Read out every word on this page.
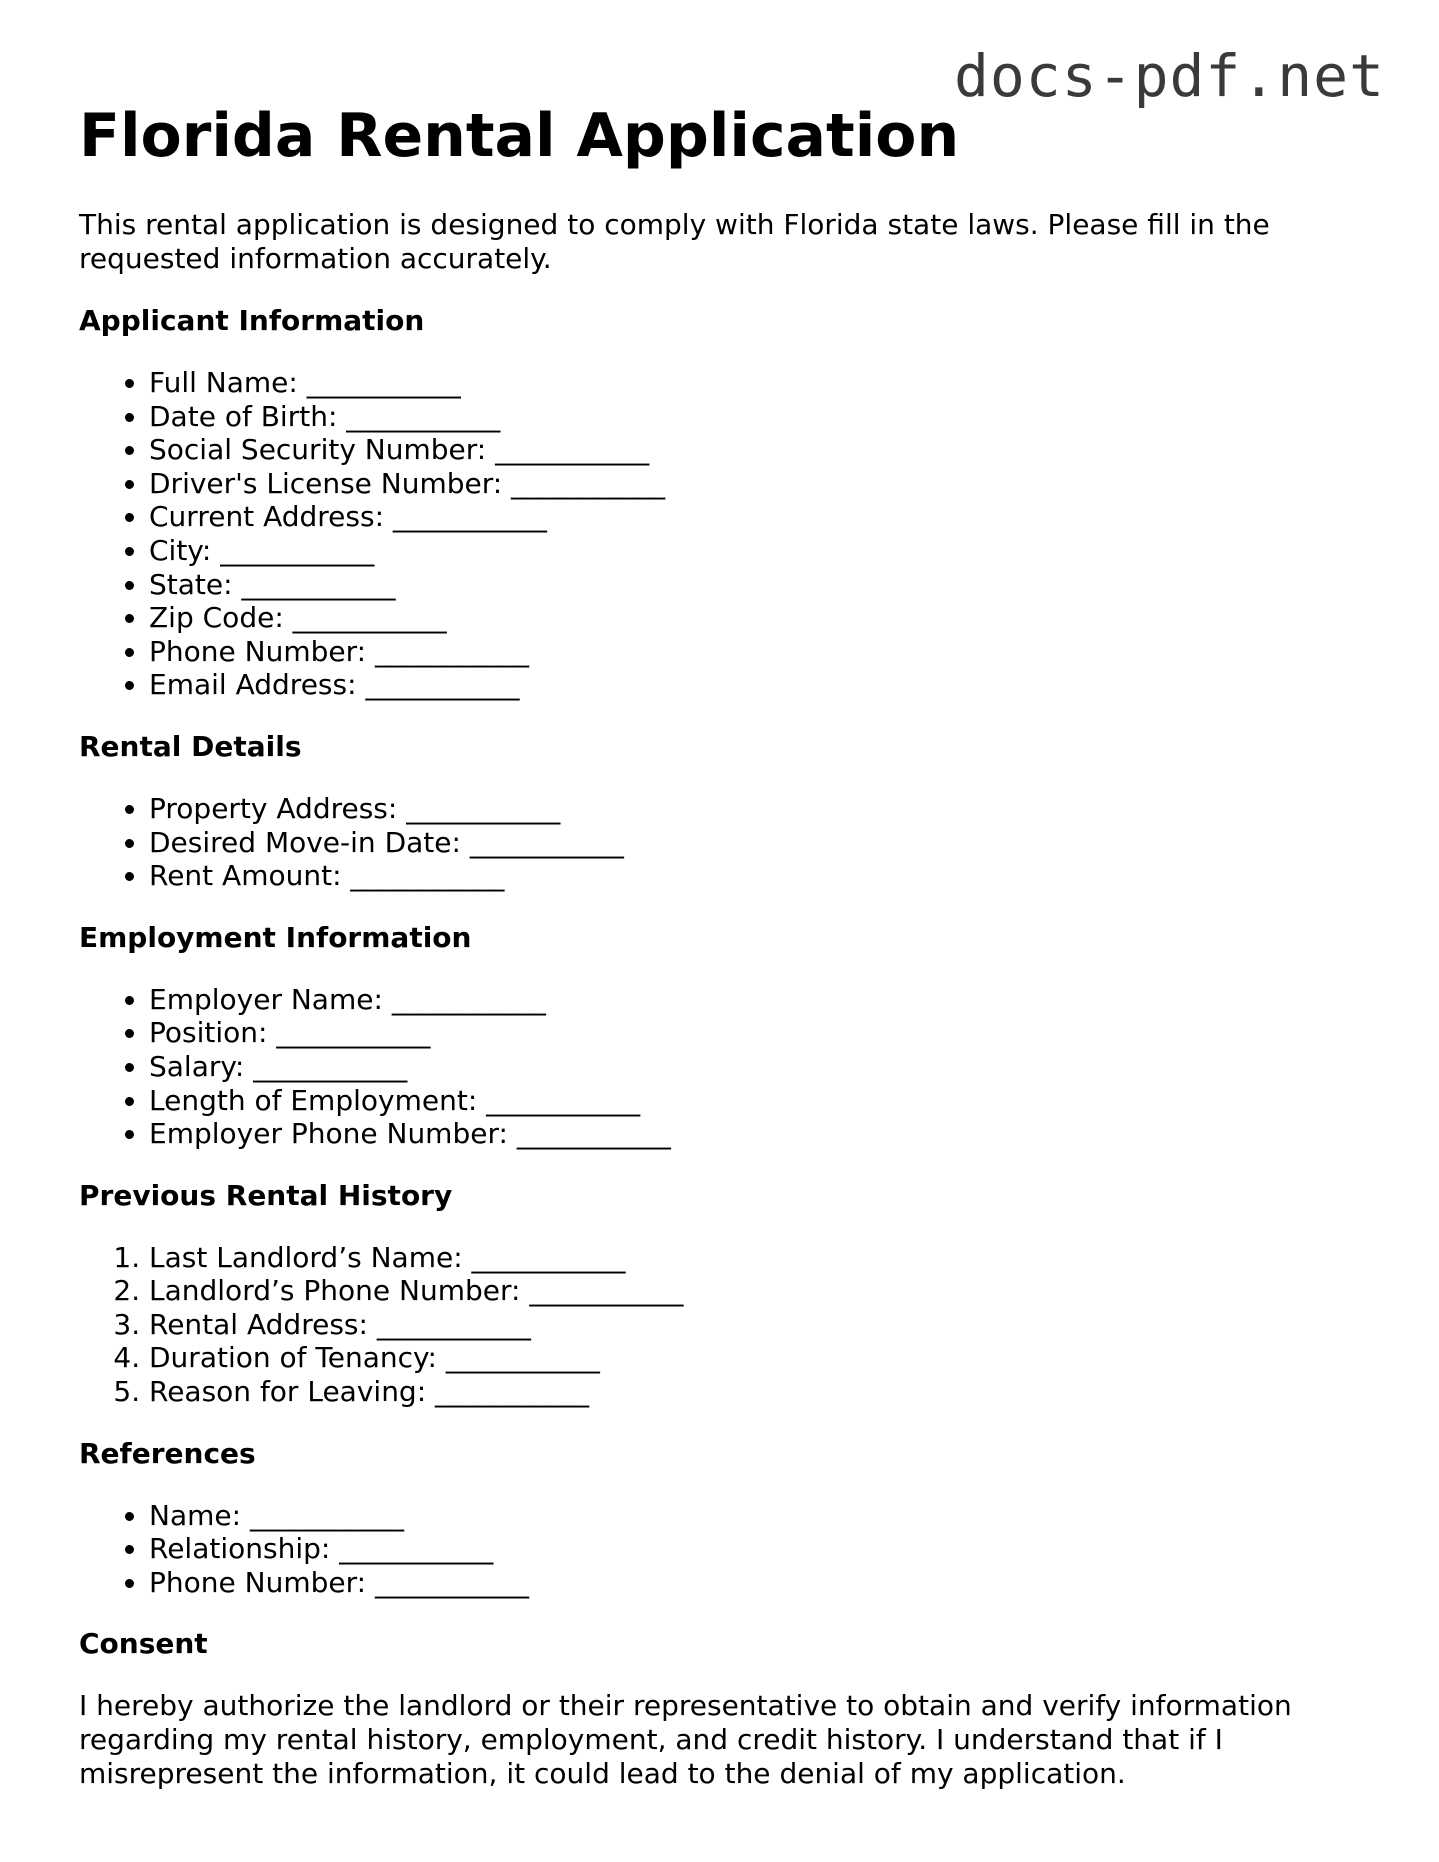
docs-pdf.net
Florida Rental Application

This rental application is designed to comply with Florida state laws. Please fill in the requested information accurately.

Applicant Information
• Full Name: ___________
• Date of Birth: ___________
• Social Security Number: ___________
• Driver's License Number: ___________
• Current Address: ___________
• City: ___________
• State: ___________
• Zip Code: ___________
• Phone Number: ___________
• Email Address: ___________
Rental Details
• Property Address: ___________
• Desired Move-in Date: ___________
• Rent Amount: ___________
Employment Information
• Employer Name: ___________
• Position: ___________
• Salary: ___________
• Length of Employment: ___________
• Employer Phone Number: ___________
Previous Rental History
1. Last Landlord’s Name: ___________
2. Landlord’s Phone Number: ___________
3. Rental Address: ___________
4. Duration of Tenancy: ___________
5. Reason for Leaving: ___________
References
• Name: ___________
• Relationship: ___________
• Phone Number: ___________
Consent

I hereby authorize the landlord or their representative to obtain and verify information regarding my rental history, employment, and credit history. I understand that if I misrepresent the information, it could lead to the denial of my application.
